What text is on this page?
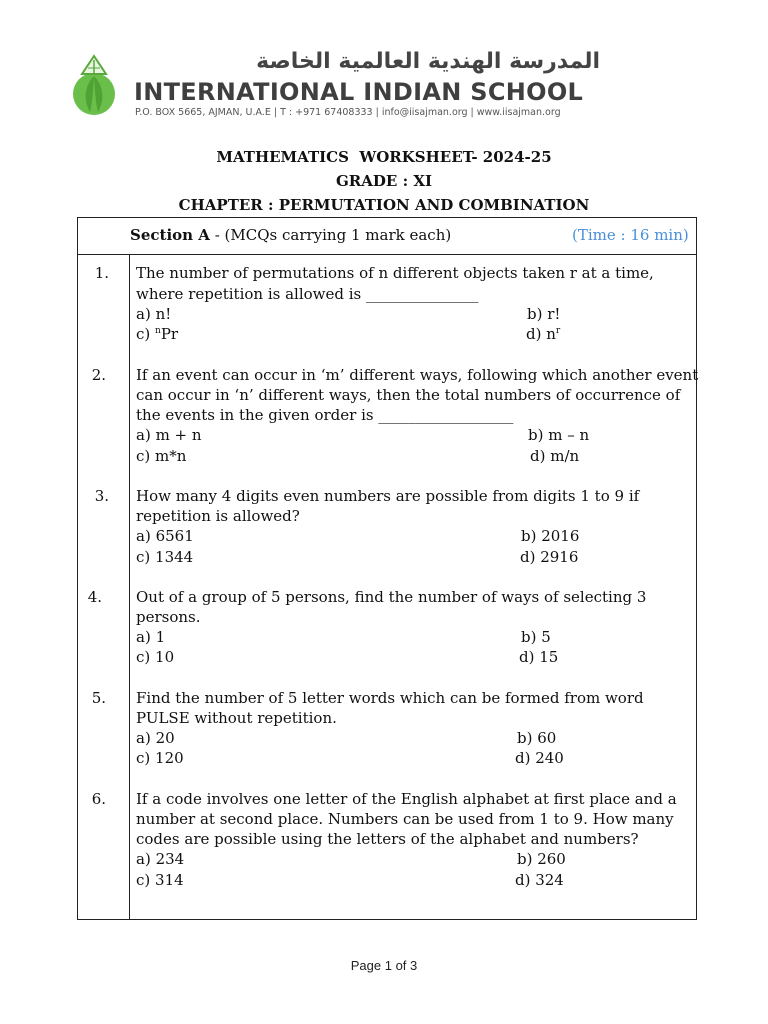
المدرسة الهندية العالمية الخاصة
INTERNATIONAL INDIAN SCHOOL
P.O. BOX 5665, AJMAN, U.A.E | T : +971 67408333 | info@iisajman.org | www.iisajman.org
MATHEMATICS  WORKSHEET- 2024-25
GRADE : XI
CHAPTER : PERMUTATION AND COMBINATION
Section A - (MCQs carrying 1 mark each)	(Time : 16 min)
1. The number of permutations of n different objects taken r at a time,
where repetition is allowed is _______________
a) n!	b) r!
c) $^n$Pr	d) $n^r$
2. If an event can occur in ‘m’ different ways, following which another event
can occur in ‘n’ different ways, then the total numbers of occurrence of
the events in the given order is __________________
a) m + n	b) m – n
c) m*n	d) m/n
3. How many 4 digits even numbers are possible from digits 1 to 9 if
repetition is allowed?
a) 6561	b) 2016
c) 1344	d) 2916
4. Out of a group of 5 persons, find the number of ways of selecting 3
persons.
a) 1	b) 5
c) 10	d) 15
5. Find the number of 5 letter words which can be formed from word
PULSE without repetition.
a) 20	b) 60
c) 120	d) 240
6. If a code involves one letter of the English alphabet at first place and a
number at second place. Numbers can be used from 1 to 9. How many
codes are possible using the letters of the alphabet and numbers?
a) 234	b) 260
c) 314	d) 324
Page 1 of 3
